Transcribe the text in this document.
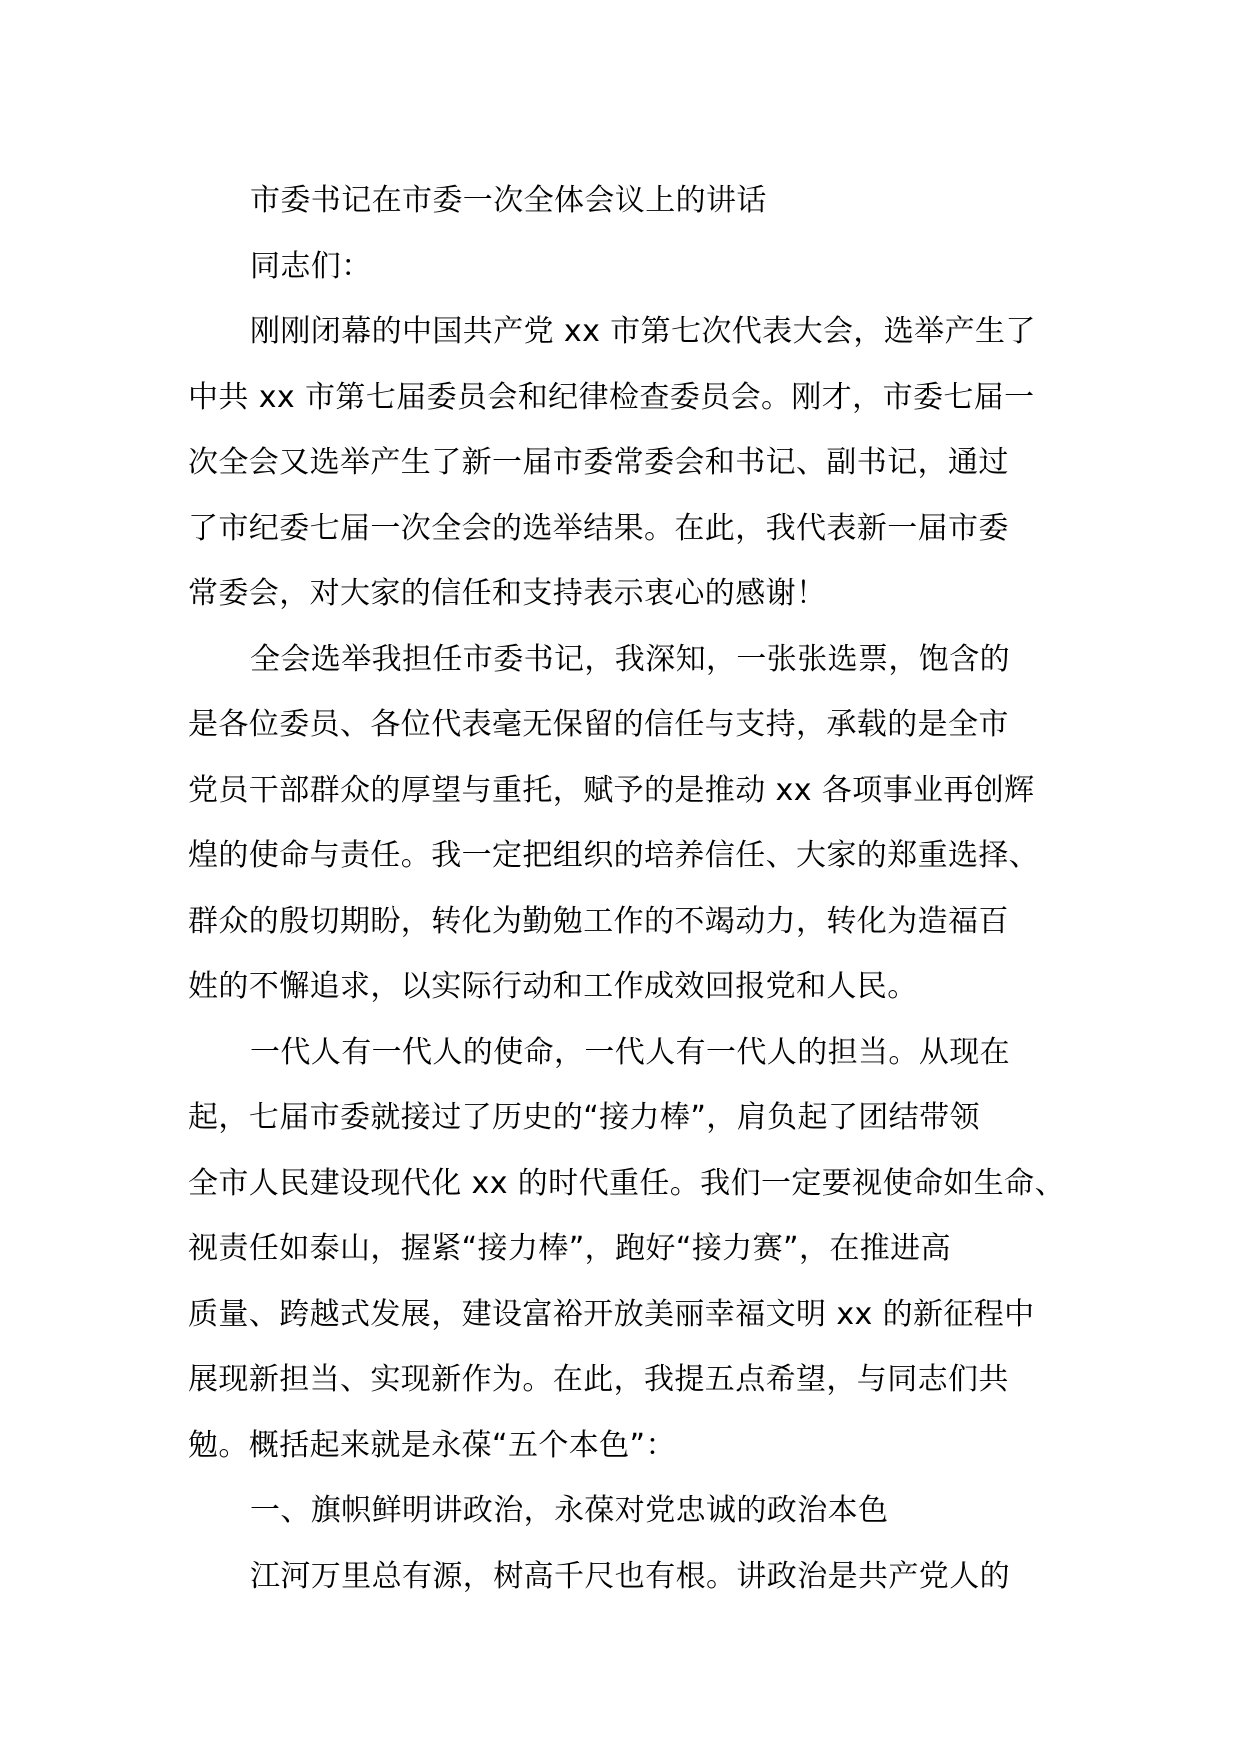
市委书记在市委一次全体会议上的讲话
同志们：
刚刚闭幕的中国共产党 xx 市第七次代表大会，选举产生了
中共 xx 市第七届委员会和纪律检查委员会。刚才，市委七届一
次全会又选举产生了新一届市委常委会和书记、副书记，通过
了市纪委七届一次全会的选举结果。在此，我代表新一届市委
常委会，对大家的信任和支持表示衷心的感谢！
全会选举我担任市委书记，我深知，一张张选票，饱含的
是各位委员、各位代表毫无保留的信任与支持，承载的是全市
党员干部群众的厚望与重托，赋予的是推动 xx 各项事业再创辉
煌的使命与责任。我一定把组织的培养信任、大家的郑重选择、
群众的殷切期盼，转化为勤勉工作的不竭动力，转化为造福百
姓的不懈追求，以实际行动和工作成效回报党和人民。
一代人有一代人的使命，一代人有一代人的担当。从现在
起，七届市委就接过了历史的“接力棒”，肩负起了团结带领
全市人民建设现代化 xx 的时代重任。我们一定要视使命如生命、
视责任如泰山，握紧“接力棒”，跑好“接力赛”，在推进高
质量、跨越式发展，建设富裕开放美丽幸福文明 xx 的新征程中
展现新担当、实现新作为。在此，我提五点希望，与同志们共
勉。概括起来就是永葆“五个本色”：
一、旗帜鲜明讲政治，永葆对党忠诚的政治本色
江河万里总有源，树高千尺也有根。讲政治是共产党人的
